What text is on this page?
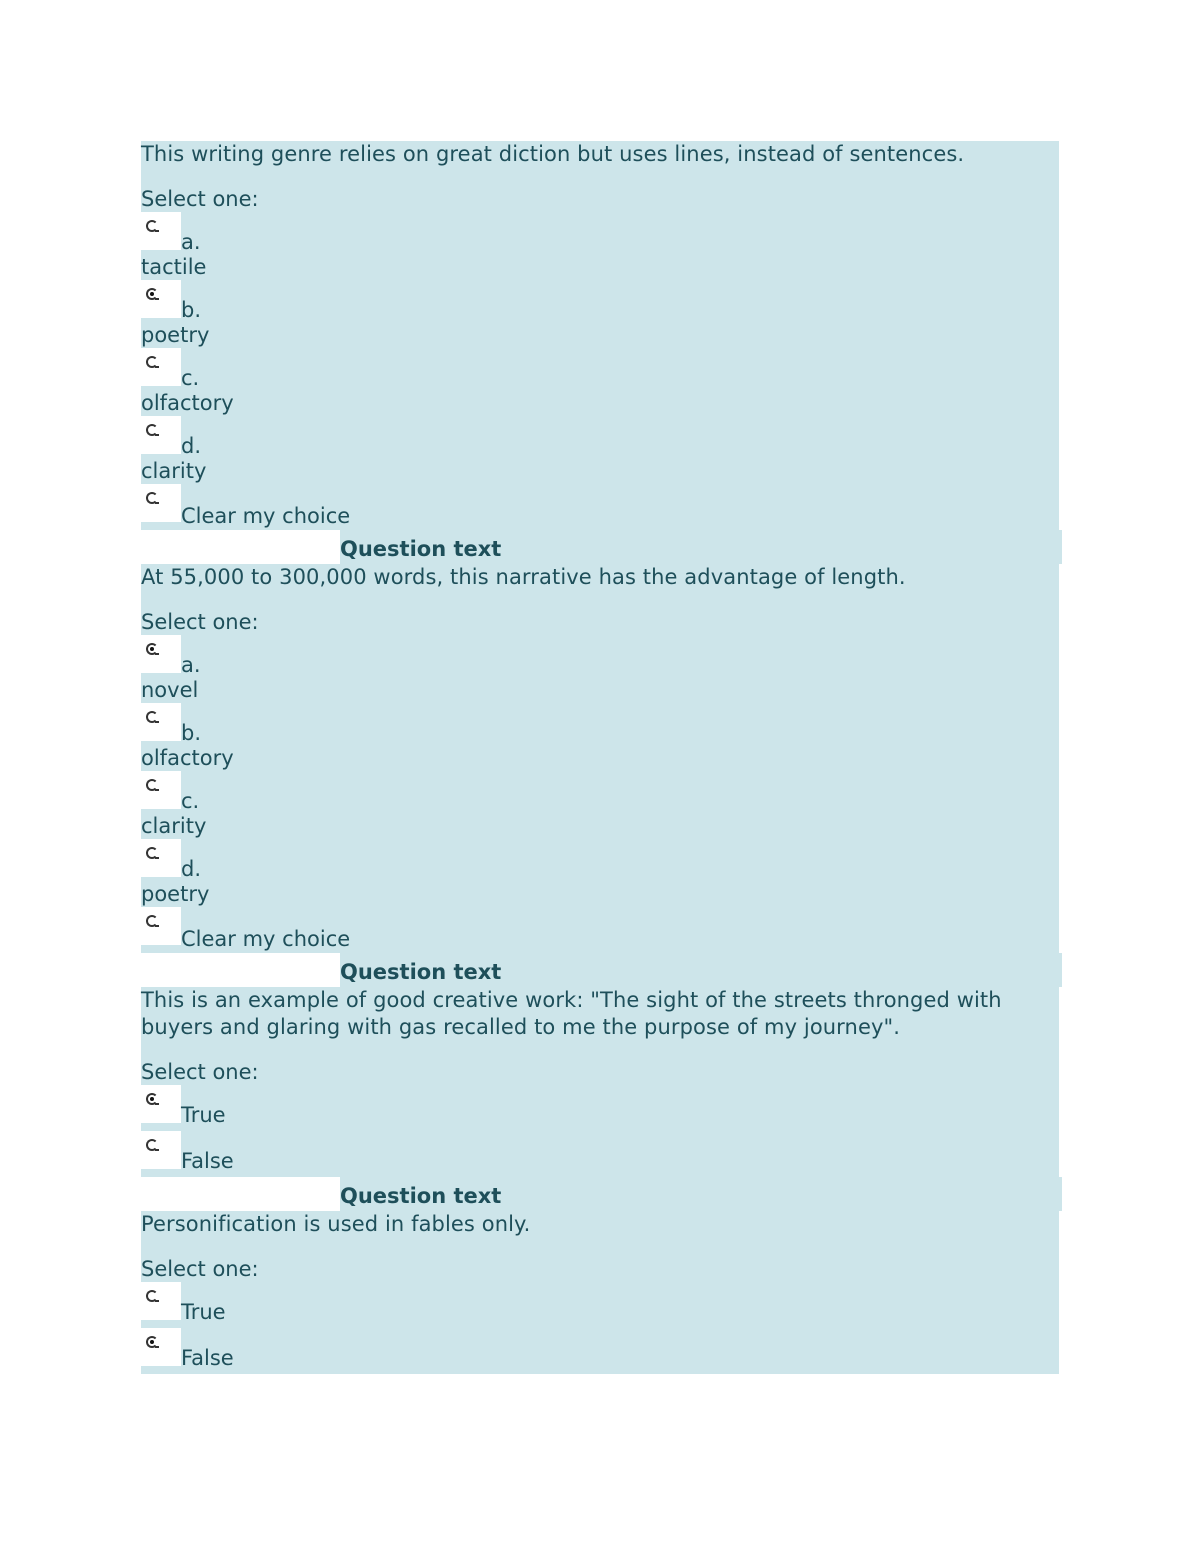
This writing genre relies on great diction but uses lines, instead of sentences.
Select one:
a.
tactile
b.
poetry
c.
olfactory
d.
clarity
Clear my choice
Question text
At 55,000 to 300,000 words, this narrative has the advantage of length.
Select one:
a.
novel
b.
olfactory
c.
clarity
d.
poetry
Clear my choice
Question text
This is an example of good creative work: "The sight of the streets thronged with buyers and glaring with gas recalled to me the purpose of my journey".
Select one:
True
False
Question text
Personification is used in fables only.
Select one:
True
False
